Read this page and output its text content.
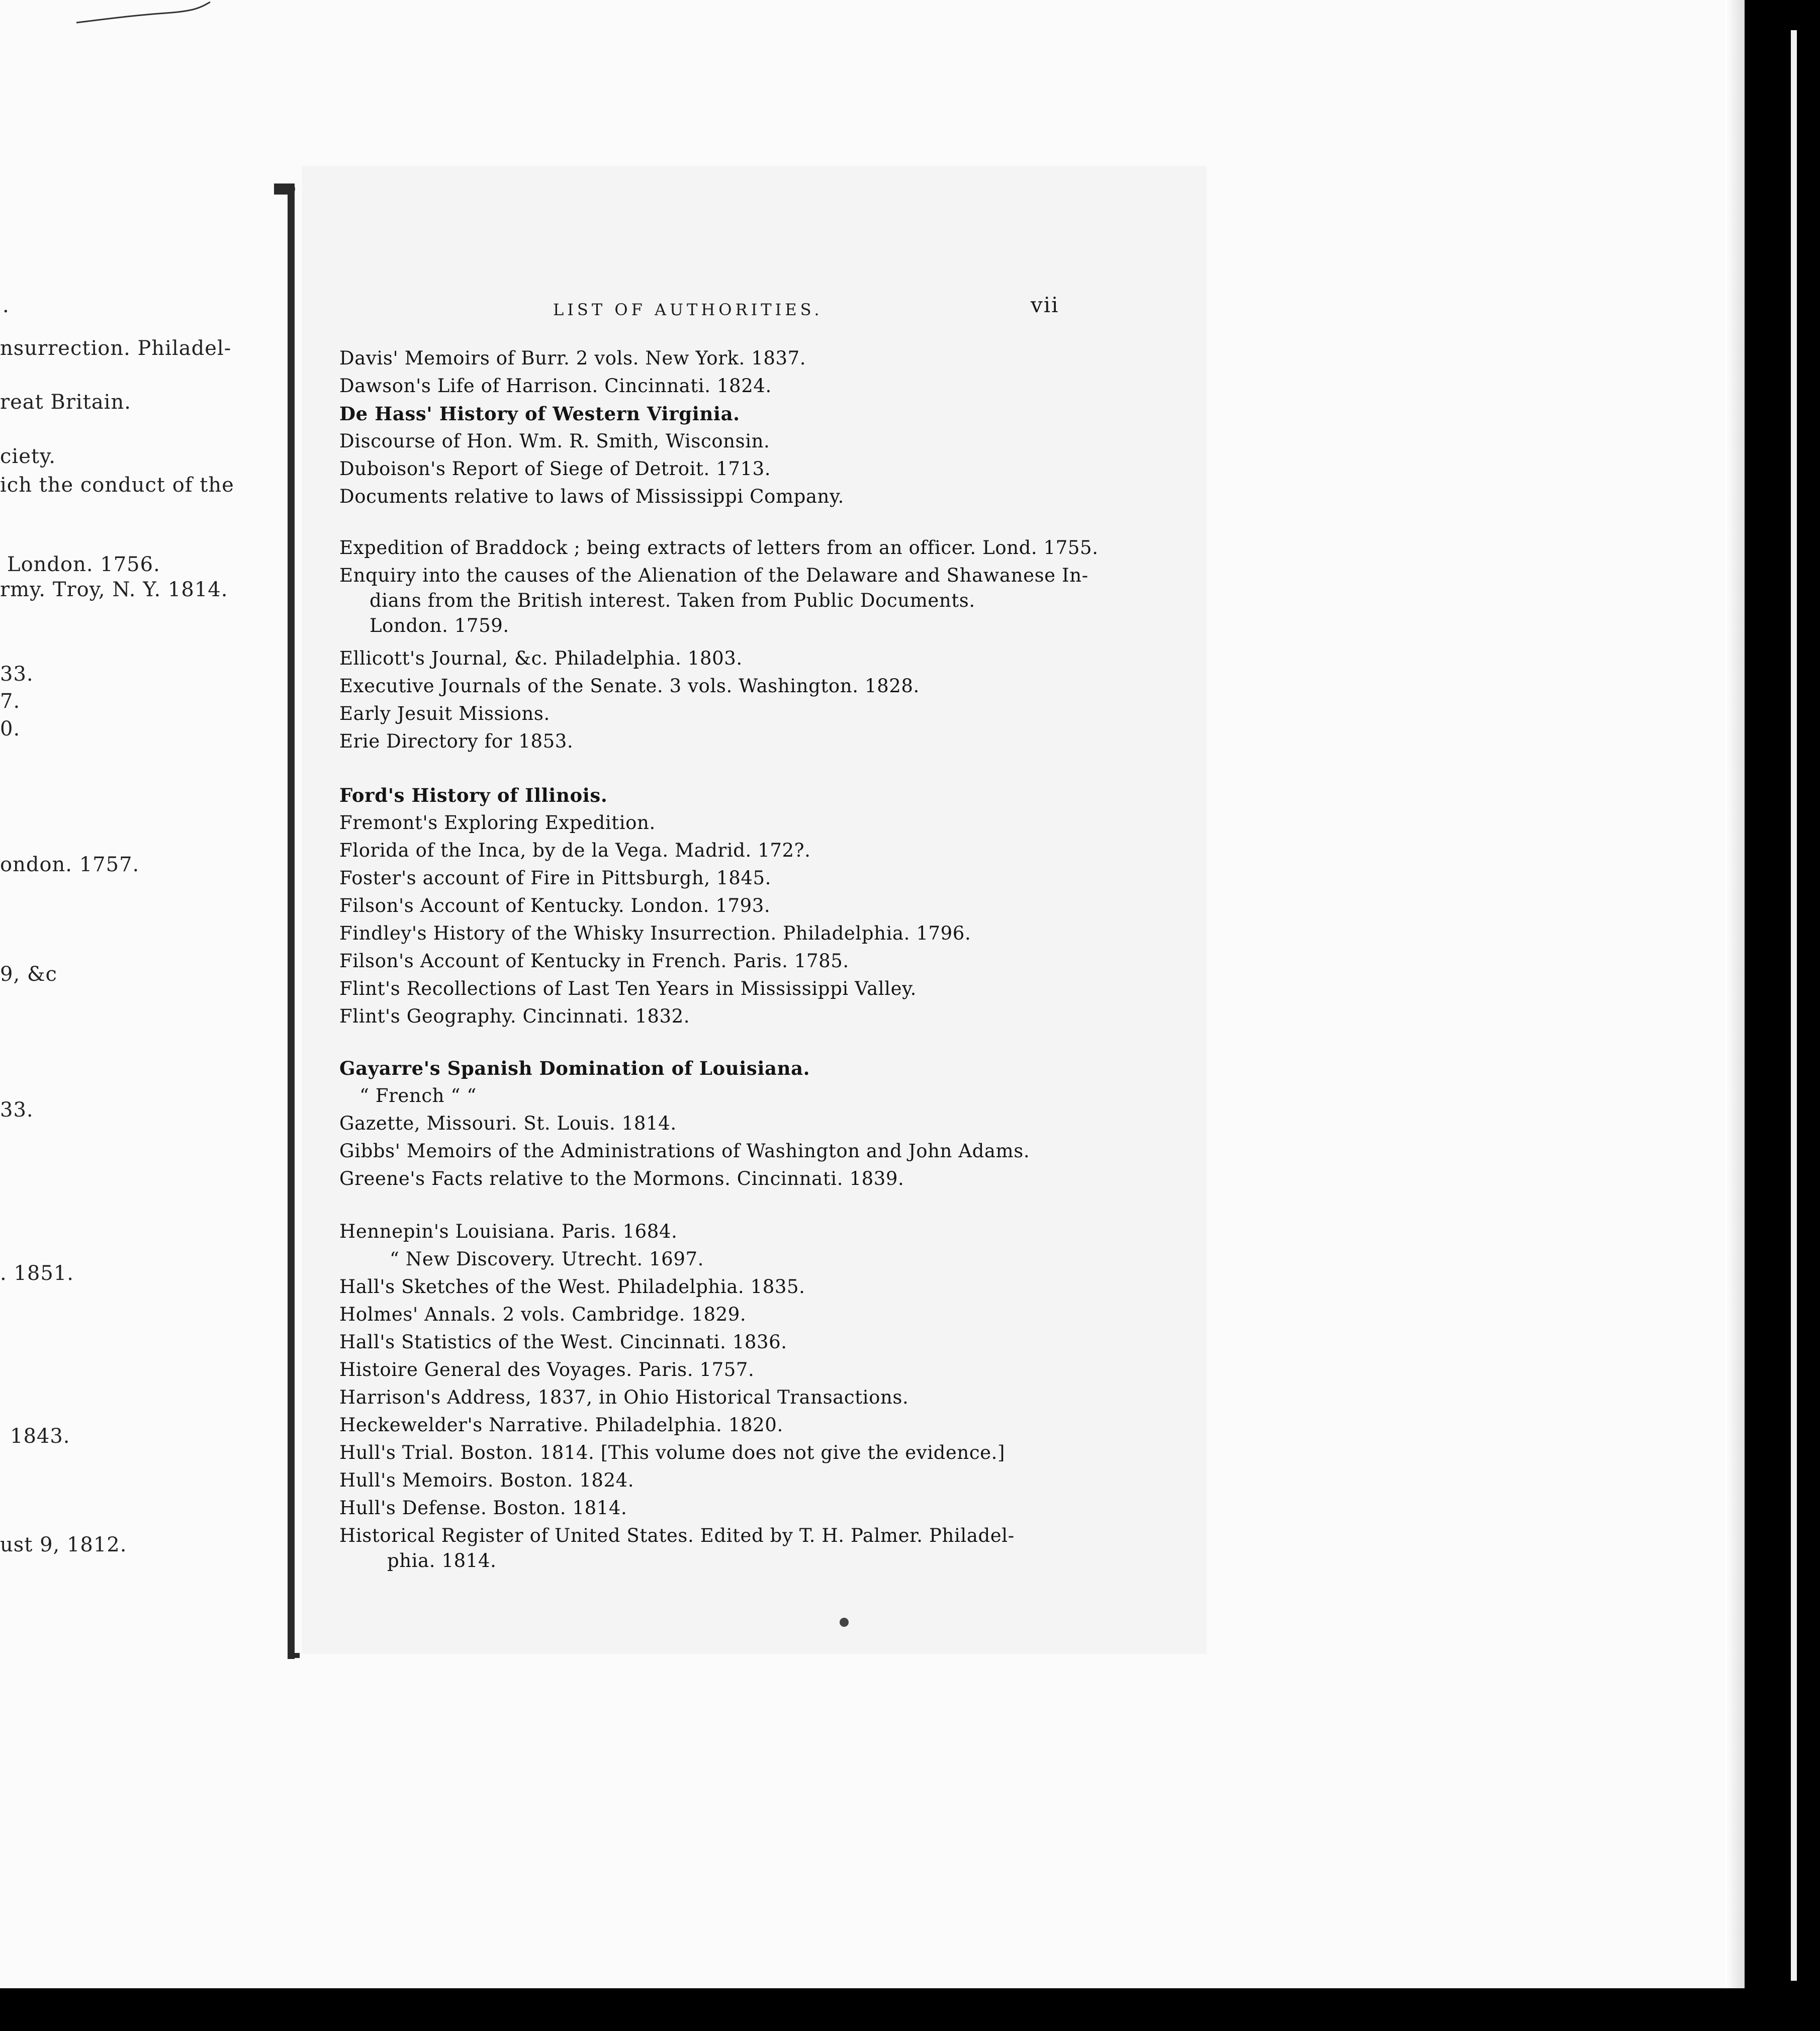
.
nsurrection. Philadel-
reat Britain.
ciety.
ich the conduct of the
London. 1756.
rmy. Troy, N. Y. 1814.
33.
7.
0.
ondon. 1757.
9, &c
33.
. 1851.
1843.
ust 9, 1812.
LIST OF AUTHORITIES.	vii
Davis' Memoirs of Burr. 2 vols. New York. 1837.
Dawson's Life of Harrison. Cincinnati. 1824.
De Hass' History of Western Virginia.
Discourse of Hon. Wm. R. Smith, Wisconsin.
Duboison's Report of Siege of Detroit. 1713.
Documents relative to laws of Mississippi Company.
Expedition of Braddock ; being extracts of letters from an officer. Lond. 1755.
Enquiry into the causes of the Alienation of the Delaware and Shawanese In-
dians from the British interest. Taken from Public Documents.
London. 1759.
Ellicott's Journal, &c. Philadelphia. 1803.
Executive Journals of the Senate. 3 vols. Washington. 1828.
Early Jesuit Missions.
Erie Directory for 1853.
Ford's History of Illinois.
Fremont's Exploring Expedition.
Florida of the Inca, by de la Vega. Madrid. 172?.
Foster's account of Fire in Pittsburgh, 1845.
Filson's Account of Kentucky. London. 1793.
Findley's History of the Whisky Insurrection. Philadelphia. 1796.
Filson's Account of Kentucky in French. Paris. 1785.
Flint's Recollections of Last Ten Years in Mississippi Valley.
Flint's Geography. Cincinnati. 1832.
Gayarre's Spanish Domination of Louisiana.
“ French “ “
Gazette, Missouri. St. Louis. 1814.
Gibbs' Memoirs of the Administrations of Washington and John Adams.
Greene's Facts relative to the Mormons. Cincinnati. 1839.
Hennepin's Louisiana. Paris. 1684.
“ New Discovery. Utrecht. 1697.
Hall's Sketches of the West. Philadelphia. 1835.
Holmes' Annals. 2 vols. Cambridge. 1829.
Hall's Statistics of the West. Cincinnati. 1836.
Histoire General des Voyages. Paris. 1757.
Harrison's Address, 1837, in Ohio Historical Transactions.
Heckewelder's Narrative. Philadelphia. 1820.
Hull's Trial. Boston. 1814. [This volume does not give the evidence.]
Hull's Memoirs. Boston. 1824.
Hull's Defense. Boston. 1814.
Historical Register of United States. Edited by T. H. Palmer. Philadel-
phia. 1814.
